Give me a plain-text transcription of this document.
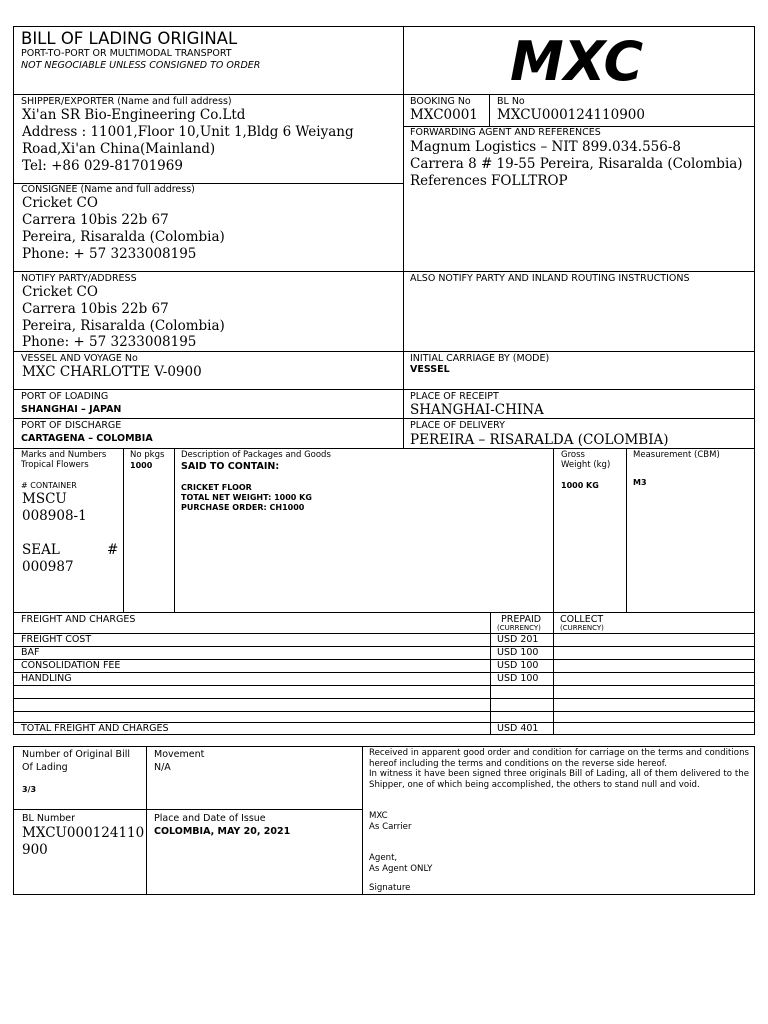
BILL OF LADING ORIGINAL
PORT-TO-PORT OR MULTIMODAL TRANSPORT
NOT NEGOCIABLE UNLESS CONSIGNED TO ORDER	MXC
SHIPPER/EXPORTER (Name and full address)
Xi'an SR Bio-Engineering Co.Ltd
Address : 11001,Floor 10,Unit 1,Bldg 6 Weiyang
Road,Xi'an China(Mainland)
Tel: +86 029-81701969
BOOKING No
MXC0001
BL No
MXCU000124110900
FORWARDING AGENT AND REFERENCES
Magnum Logistics – NIT 899.034.556-8
Carrera 8 # 19-55 Pereira, Risaralda (Colombia)
References FOLLTROP
CONSIGNEE (Name and full address)
Cricket CO
Carrera 10bis 22b 67
Pereira, Risaralda (Colombia)
Phone: + 57 3233008195
NOTIFY PARTY/ADDRESS
Cricket CO
Carrera 10bis 22b 67
Pereira, Risaralda (Colombia)
Phone: + 57 3233008195
ALSO NOTIFY PARTY AND INLAND ROUTING INSTRUCTIONS
VESSEL AND VOYAGE No
MXC CHARLOTTE V-0900
INITIAL CARRIAGE BY (MODE)
VESSEL
PORT OF LOADING
SHANGHAI – JAPAN
PLACE OF RECEIPT
SHANGHAI-CHINA
PORT OF DISCHARGE
CARTAGENA – COLOMBIA
PLACE OF DELIVERY
PEREIRA – RISARALDA (COLOMBIA)
Marks and Numbers
Tropical Flowers
# CONTAINER
MSCU
008908-1
SEAL	#
000987
No pkgs
1000
Description of Packages and Goods
SAID TO CONTAIN:
CRICKET FLOOR
TOTAL NET WEIGHT: 1000 KG
PURCHASE ORDER: CH1000
Gross
Weight (kg)
1000 KG
Measurement (CBM)
M3
FREIGHT AND CHARGES	PREPAID
(CURRENCY)
COLLECT
(CURRENCY)
FREIGHT COST	USD 201
BAF	USD 100
CONSOLIDATION FEE	USD 100
HANDLING	USD 100
TOTAL FREIGHT AND CHARGES	USD 401
Number of Original Bill
Of Lading
3/3
Movement
N/A
BL Number
MXCU000124110
900
Place and Date of Issue
COLOMBIA, MAY 20, 2021
Received in apparent good order and condition for carriage on the terms and conditions hereof including the terms and conditions on the reverse side hereof.
In witness it have been signed three originals Bill of Lading, all of them delivered to the Shipper, one of which being accomplished, the others to stand null and void.
MXC
As Carrier
Agent,
As Agent ONLY
Signature
